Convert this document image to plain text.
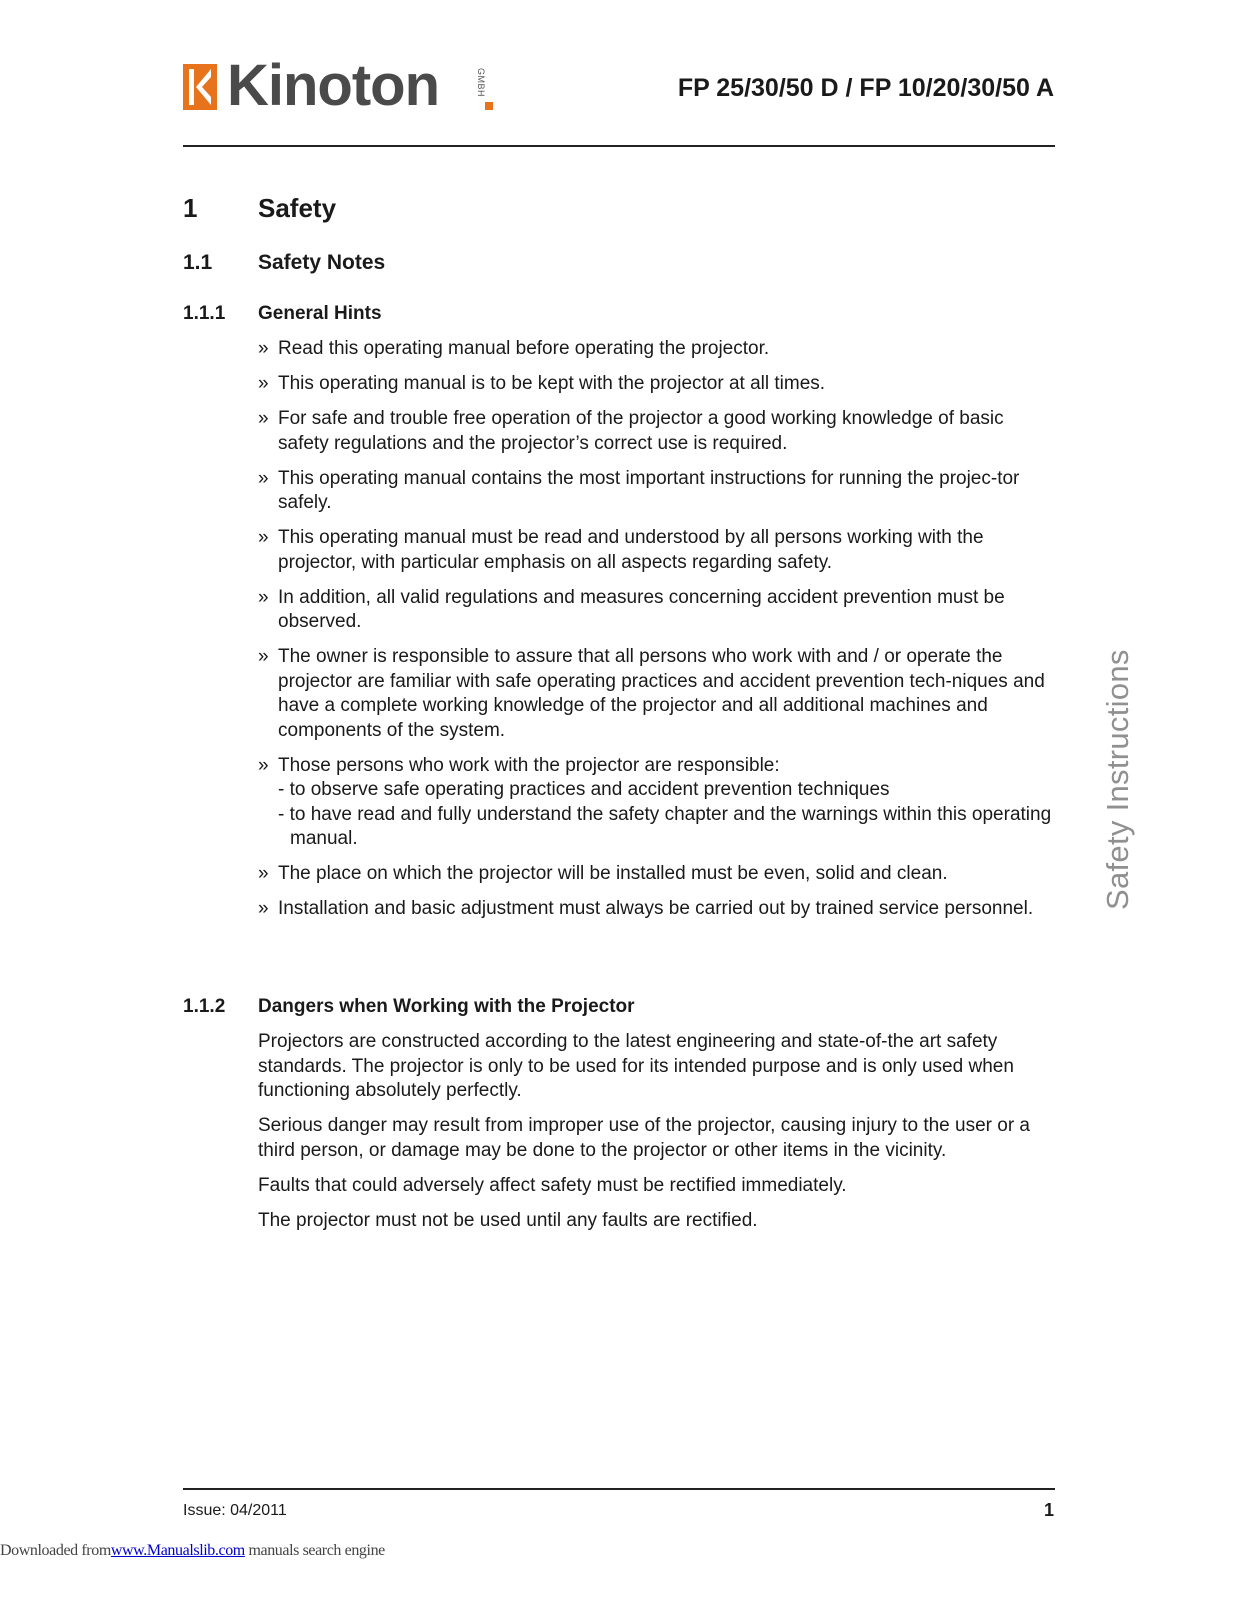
Kinoton	GMBH	FP 25/30/50 D / FP 10/20/30/50 A
1 Safety
1.1 Safety Notes
1.1.1 General Hints
» Read this operating manual before operating the projector.
» This operating manual is to be kept with the projector at all times.
» For safe and trouble free operation of the projector a good working knowledge of basic safety regulations and the projector’s correct use is required.
» This operating manual contains the most important instructions for running the projec-tor safely.
» This operating manual must be read and understood by all persons working with the projector, with particular emphasis on all aspects regarding safety.
» In addition, all valid regulations and measures concerning accident prevention must be observed.
» The owner is responsible to assure that all persons who work with and / or operate the projector are familiar with safe operating practices and accident prevention tech-niques and have a complete working knowledge of the projector and all additional machines and components of the system.
» Those persons who work with the projector are responsible:
- to observe safe operating practices and accident prevention techniques
- to have read and fully understand the safety chapter and the warnings within this operating manual.
» The place on which the projector will be installed must be even, solid and clean.
» Installation and basic adjustment must always be carried out by trained service personnel.
1.1.2 Dangers when Working with the Projector

Projectors are constructed according to the latest engineering and state-of-the art safety standards. The projector is only to be used for its intended purpose and is only used when functioning absolutely perfectly.

Serious danger may result from improper use of the projector, causing injury to the user or a third person, or damage may be done to the projector or other items in the vicinity.

Faults that could adversely affect safety must be rectified immediately.

The projector must not be used until any faults are rectified.

Safety Instructions
Issue: 04/2011	1
Downloaded fromwww.Manualslib.com manuals search engine
